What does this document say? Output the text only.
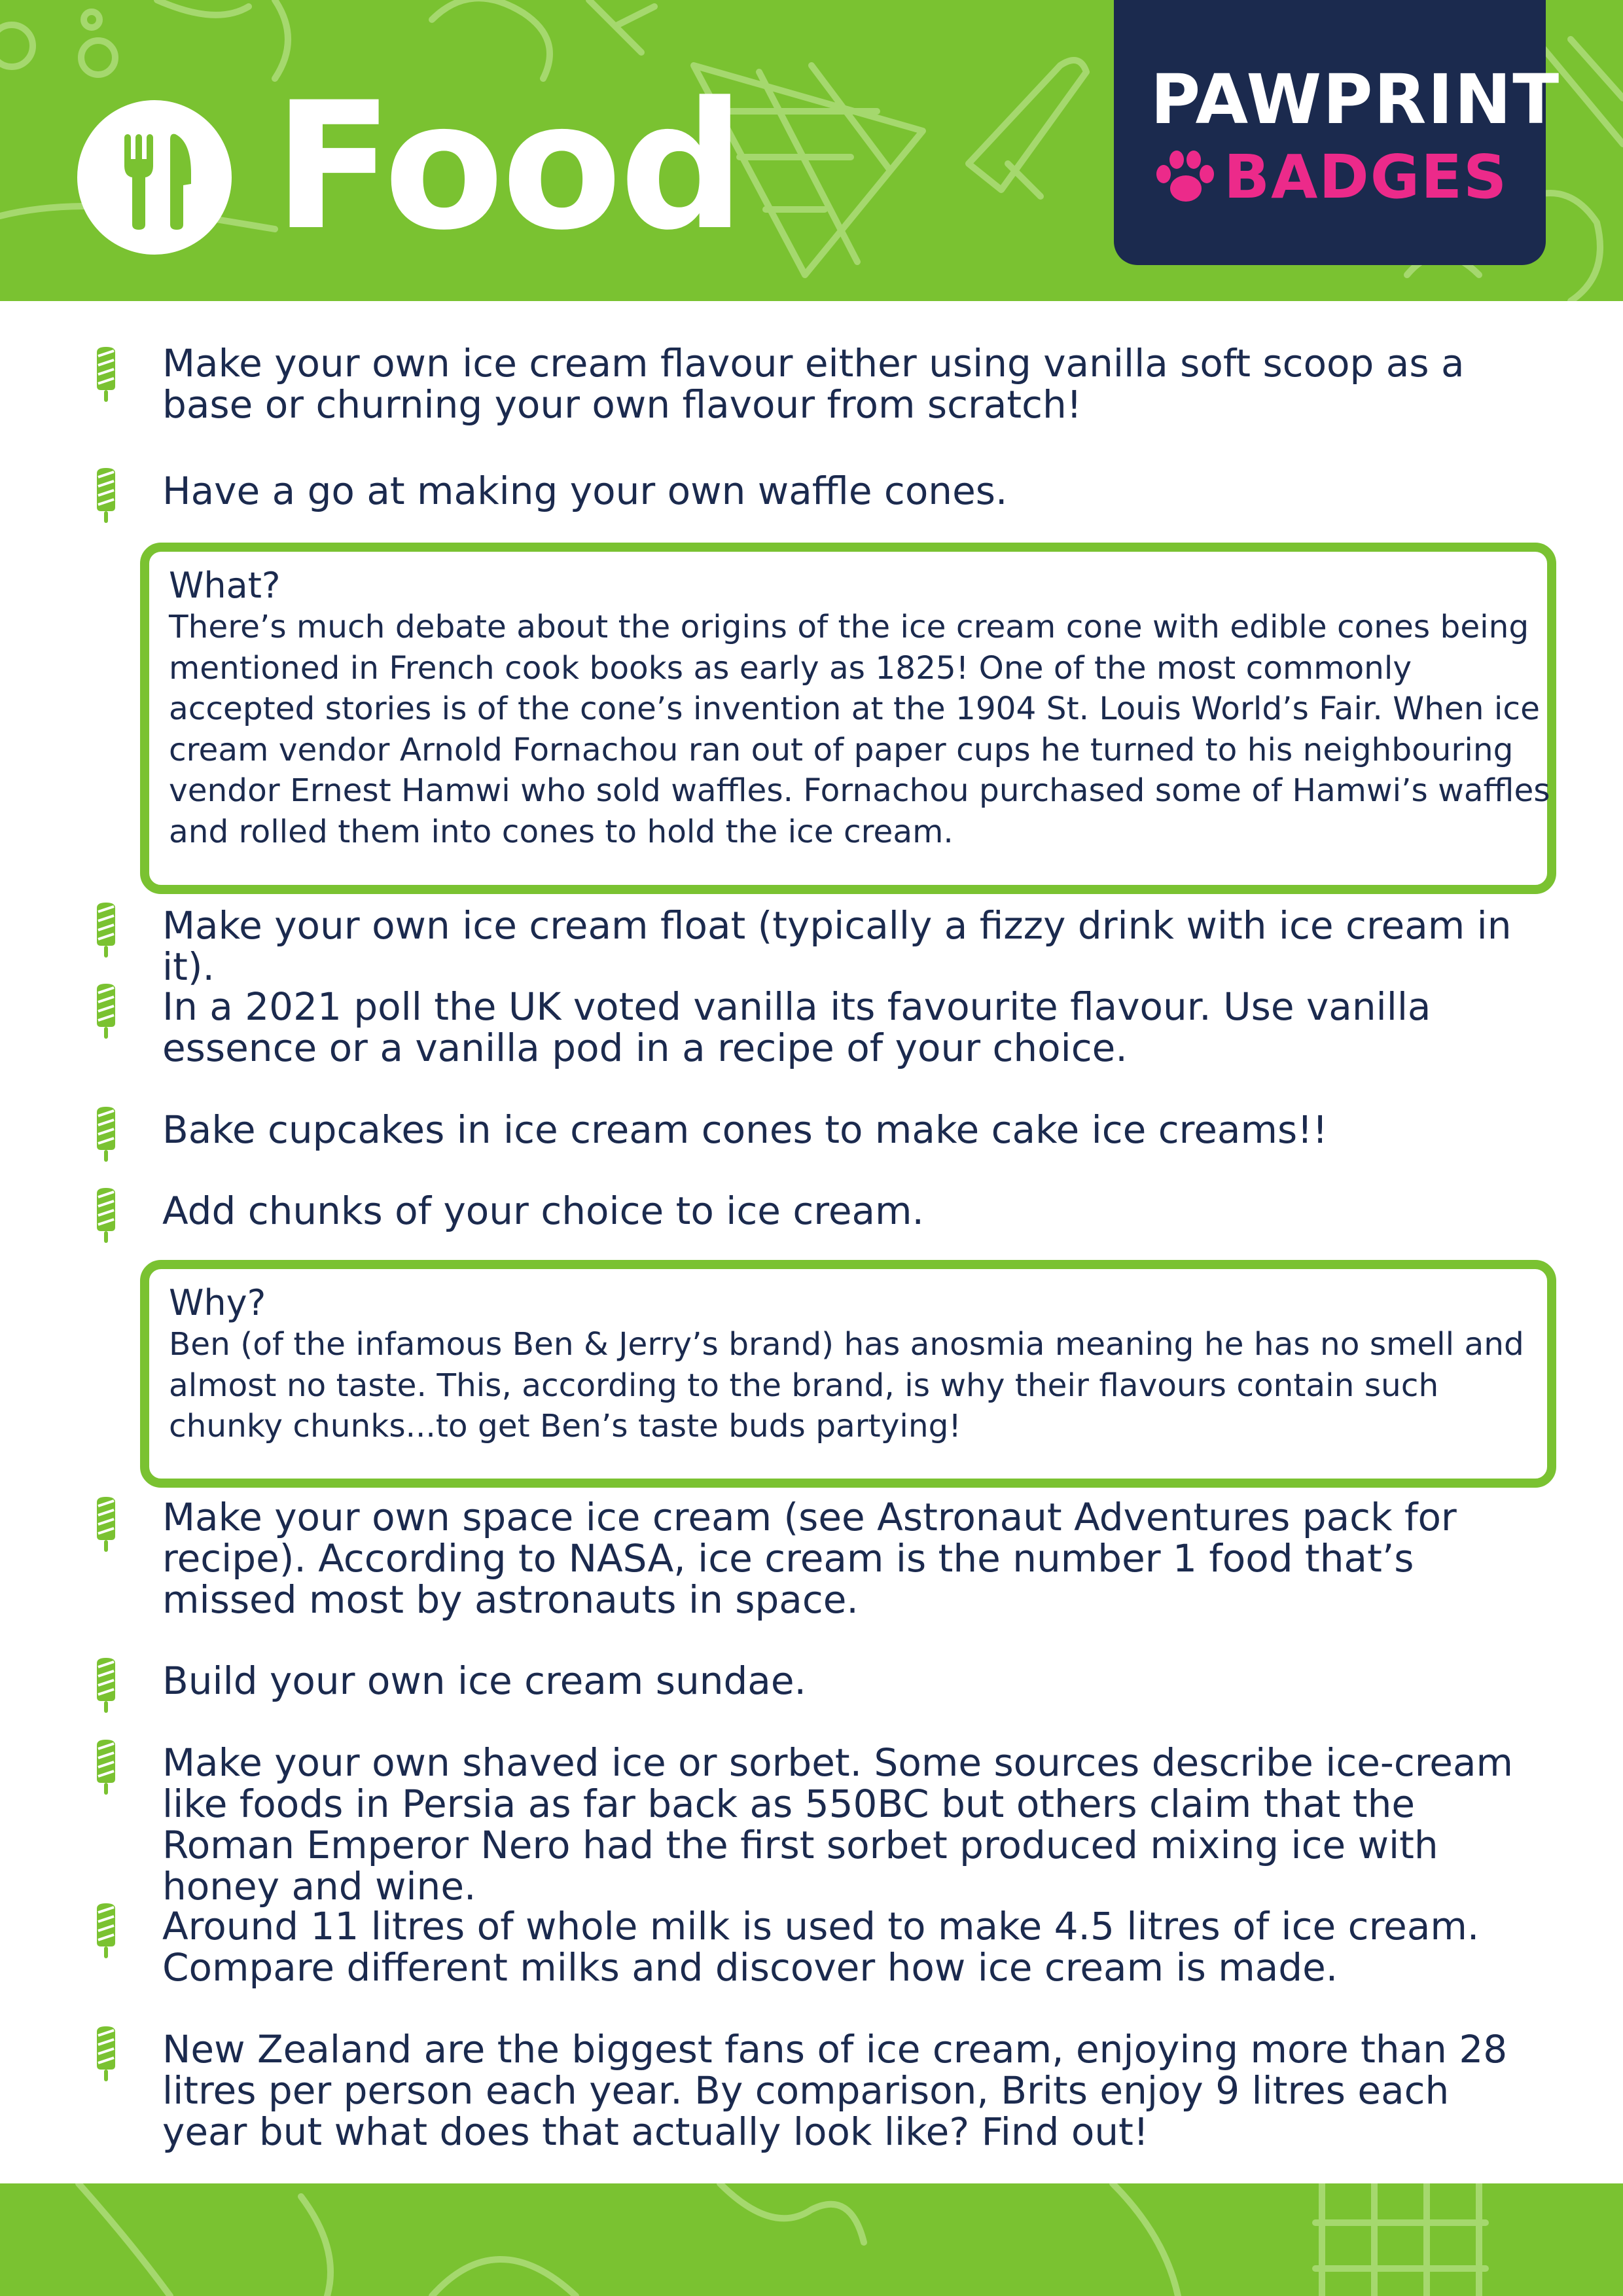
Food	PAWPRINT
BADGES
Make your own ice cream flavour either using vanilla soft scoop as a base or churning your own flavour from scratch!
Have a go at making your own waffle cones.
What?
There’s much debate about the origins of the ice cream cone with edible cones being mentioned in French cook books as early as 1825! One of the most commonly accepted stories is of the cone’s invention at the 1904 St. Louis World’s Fair. When ice cream vendor Arnold Fornachou ran out of paper cups he turned to his neighbouring vendor Ernest Hamwi who sold waffles. Fornachou purchased some of Hamwi’s waffles and rolled them into cones to hold the ice cream.
Make your own ice cream float (typically a fizzy drink with ice cream in it).
In a 2021 poll the UK voted vanilla its favourite flavour. Use vanilla essence or a vanilla pod in a recipe of your choice.
Bake cupcakes in ice cream cones to make cake ice creams!!
Add chunks of your choice to ice cream.
Why?
Ben (of the infamous Ben & Jerry’s brand) has anosmia meaning he has no smell and almost no taste. This, according to the brand, is why their flavours contain such chunky chunks...to get Ben’s taste buds partying!
Make your own space ice cream (see Astronaut Adventures pack for recipe). According to NASA, ice cream is the number 1 food that’s missed most by astronauts in space.
Build your own ice cream sundae.
Make your own shaved ice or sorbet. Some sources describe ice-cream like foods in Persia as far back as 550BC but others claim that the Roman Emperor Nero had the first sorbet produced mixing ice with honey and wine.
Around 11 litres of whole milk is used to make 4.5 litres of ice cream. Compare different milks and discover how ice cream is made.
New Zealand are the biggest fans of ice cream, enjoying more than 28 litres per person each year. By comparison, Brits enjoy 9 litres each year but what does that actually look like? Find out!
